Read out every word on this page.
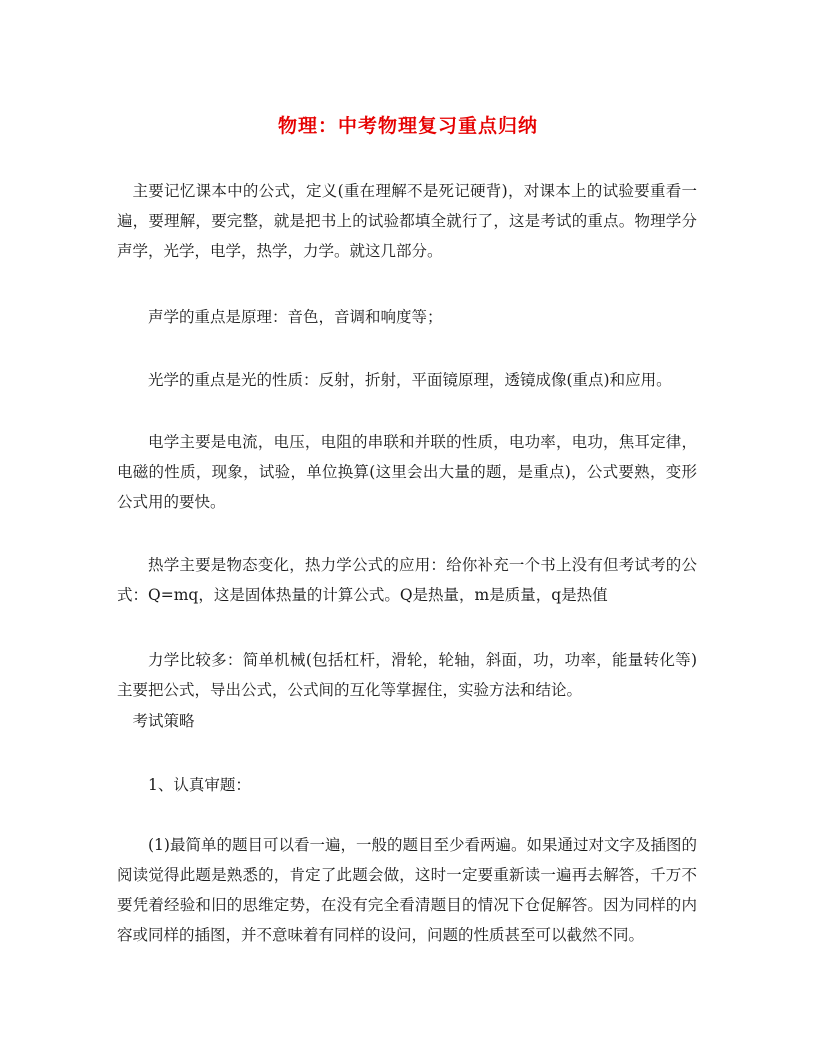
物理：中考物理复习重点归纳

主要记忆课本中的公式，定义(重在理解不是死记硬背)，对课本上的试验要重看一遍，要理解，要完整，就是把书上的试验都填全就行了，这是考试的重点。物理学分声学，光学，电学，热学，力学。就这几部分。

声学的重点是原理：音色，音调和响度等；

光学的重点是光的性质：反射，折射，平面镜原理，透镜成像(重点)和应用。

电学主要是电流，电压，电阻的串联和并联的性质，电功率，电功，焦耳定律，电磁的性质，现象，试验，单位换算(这里会出大量的题，是重点)，公式要熟，变形公式用的要快。

热学主要是物态变化，热力学公式的应用：给你补充一个书上没有但考试考的公式：Q=mq，这是固体热量的计算公式。Q是热量，m是质量，q是热值

力学比较多：简单机械(包括杠杆，滑轮，轮轴，斜面，功，功率，能量转化等)主要把公式，导出公式，公式间的互化等掌握住，实验方法和结论。

考试策略

1、认真审题：

(1)最简单的题目可以看一遍，一般的题目至少看两遍。如果通过对文字及插图的阅读觉得此题是熟悉的，肯定了此题会做，这时一定要重新读一遍再去解答，千万不要凭着经验和旧的思维定势，在没有完全看清题目的情况下仓促解答。因为同样的内容或同样的插图，并不意味着有同样的设问，问题的性质甚至可以截然不同。
